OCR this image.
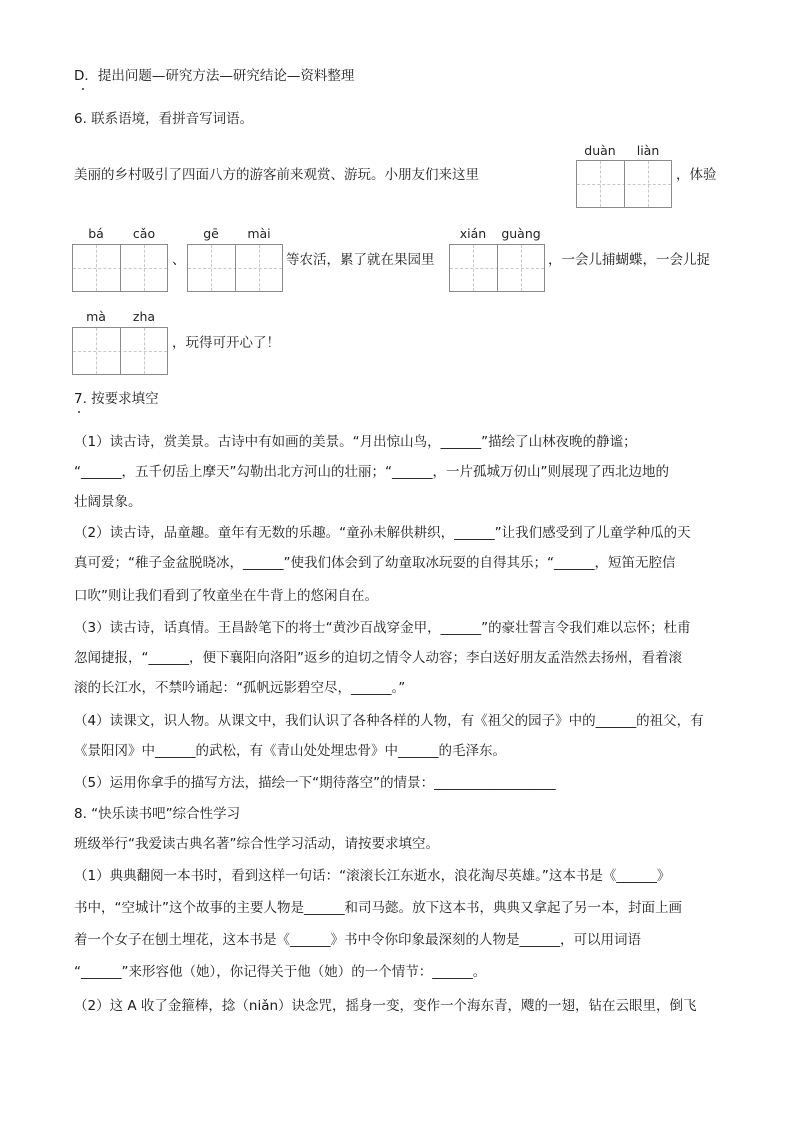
D．提出问题—研究方法—研究结论—资料整理
6. 联系语境，看拼音写词语。
duàn	liàn
美丽的乡村吸引了四面八方的游客前来观赏、游玩。小朋友们来这里	，体验
bá	cǎo
、
gē	mài
等农活，累了就在果园里
xián	guàng
，一会儿捕蝴蝶，一会儿捉
mà	zha
，玩得可开心了！
7. 按要求填空
（1）读古诗，赏美景。古诗中有如画的美景。“月出惊山鸟，______”描绘了山林夜晚的静谧；
“______，五千仞岳上摩天”勾勒出北方河山的壮丽；“______，一片孤城万仞山”则展现了西北边地的
壮阔景象。
（2）读古诗，品童趣。童年有无数的乐趣。“童孙未解供耕织，______”让我们感受到了儿童学种瓜的天
真可爱；“稚子金盆脱晓冰，______”使我们体会到了幼童取冰玩耍的自得其乐；“______，短笛无腔信
口吹”则让我们看到了牧童坐在牛背上的悠闲自在。
（3）读古诗，话真情。王昌龄笔下的将士“黄沙百战穿金甲，______”的豪壮誓言令我们难以忘怀；杜甫
忽闻捷报，“______，便下襄阳向洛阳”返乡的迫切之情令人动容；李白送好朋友孟浩然去扬州，看着滚
滚的长江水，不禁吟诵起：“孤帆远影碧空尽，______。”
（4）读课文，识人物。从课文中，我们认识了各种各样的人物，有《祖父的园子》中的______的祖父，有
《景阳冈》中______的武松，有《青山处处埋忠骨》中______的毛泽东。
（5）运用你拿手的描写方法，描绘一下“期待落空”的情景：__________________
8. “快乐读书吧”综合性学习
班级举行“我爱读古典名著”综合性学习活动，请按要求填空。
（1）典典翻阅一本书时，看到这样一句话：“滚滚长江东逝水，浪花淘尽英雄。”这本书是《______》
书中，“空城计”这个故事的主要人物是______和司马懿。放下这本书，典典又拿起了另一本，封面上画
着一个女子在刨土埋花，这本书是《______》书中令你印象最深刻的人物是______，可以用词语
“______”来形容他（她），你记得关于他（她）的一个情节：______。
（2）这 A 收了金箍棒，捻（niǎn）诀念咒，摇身一变，变作一个海东青，飕的一翅，钻在云眼里，倒飞
